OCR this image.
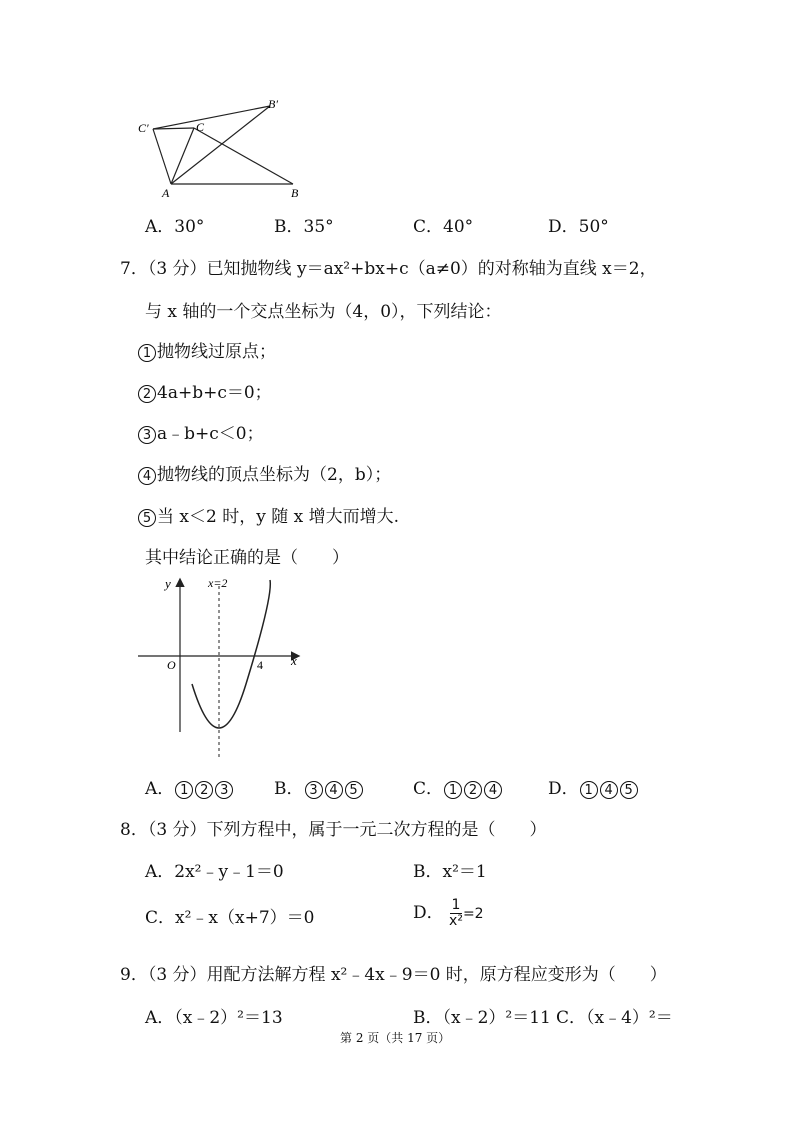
C′	C
B′
A	B
A．30°	B．35°	C．40°	D．50°
7．（3 分）已知抛物线 y＝ax²+bx+c（a≠0）的对称轴为直线 x＝2，
与 x 轴的一个交点坐标为（4，0），下列结论：
1 抛物线过原点；
2 4a+b+c＝0；
3 a﹣b+c＜0；
4 抛物线的顶点坐标为（2，b）；
5 当 x＜2 时，y 随 x 增大而增大.
其中结论正确的是（　　）
y
x
O
x=2
4
A． 1 2 3	B． 3 4 5	C． 1 2 4	D． 1 4 5
8．（3 分）下列方程中，属于一元二次方程的是（　　）
A．2x²﹣y﹣1＝0	B．x²＝1
C．x²﹣x（x+7）＝0	D． $\frac{1}{\text{x²}} =2$
9．（3 分）用配方法解方程 x²﹣4x﹣9＝0 时，原方程应变形为（　　）
A．（x﹣2）²＝13	B．（x﹣2）²＝11 C．（x﹣4）²＝
第 2 页（共 17 页）
